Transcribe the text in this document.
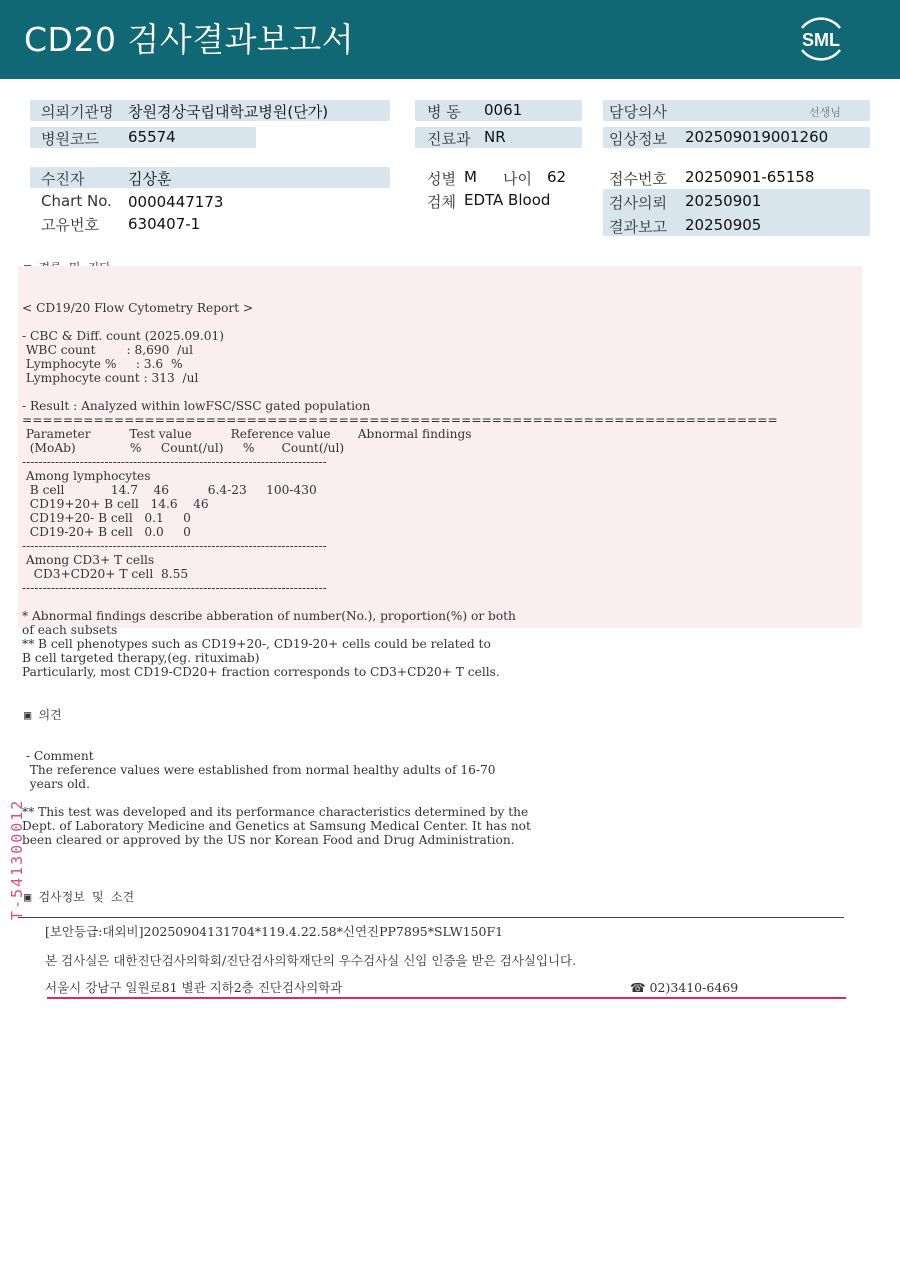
CD20 검사결과보고서	SML
의뢰기관명 창원경상국립대학교병원(단가)
병원코드 65574
병 동 0061
진료과 NR
담당의사	선생님
임상정보 202509019001260
수진자	김상훈
Chart No. 0000447173
고유번호 630407-1
성별 M 나이 62
검체 EDTA Blood
접수번호 20250901-65158
검사의뢰 20250901
결과보고 20250905
< CD19/20 Flow Cytometry Report >

- CBC & Diff. count (2025.09.01)
WBC count        : 8,690  /ul
Lymphocyte %     : 3.6  %
Lymphocyte count : 313  /ul

- Result : Analyzed within lowFSC/SSC gated population
==========================================================================
Parameter          Test value          Reference value       Abnormal findings
(MoAb)              %     Count(/ul)     %       Count(/ul)
--------------------------------------------------------------------------
Among lymphocytes
B cell            14.7    46          6.4-23     100-430
CD19+20+ B cell   14.6    46
CD19+20- B cell   0.1     0
CD19-20+ B cell   0.0     0
--------------------------------------------------------------------------
Among CD3+ T cells
CD3+CD20+ T cell  8.55
--------------------------------------------------------------------------

* Abnormal findings describe abberation of number(No.), proportion(%) or both
of each subsets
** B cell phenotypes such as CD19+20-, CD19-20+ cells could be related to
B cell targeted therapy,(eg. rituximab)
Particularly, most CD19-CD20+ fraction corresponds to CD3+CD20+ T cells.

▣ 의견
- Comment
The reference values were established from normal healthy adults of 16-70
years old.

** This test was developed and its performance characteristics determined by the
Dept. of Laboratory Medicine and Genetics at Samsung Medical Center. It has not
been cleared or approved by the US nor Korean Food and Drug Administration.

▣ 검사정보 및 소견
[보안등급:대외비]20250904131704*119.4.22.58*신연진PP7895*SLW150F1
본 검사실은 대한진단검사의학회/진단검사의학재단의 우수검사실 신임 인증을 받은 검사실입니다.
서울시 강남구 일원로81 별관 지하2층 진단검사의학과	☎ 02)3410-6469
T-541300012
